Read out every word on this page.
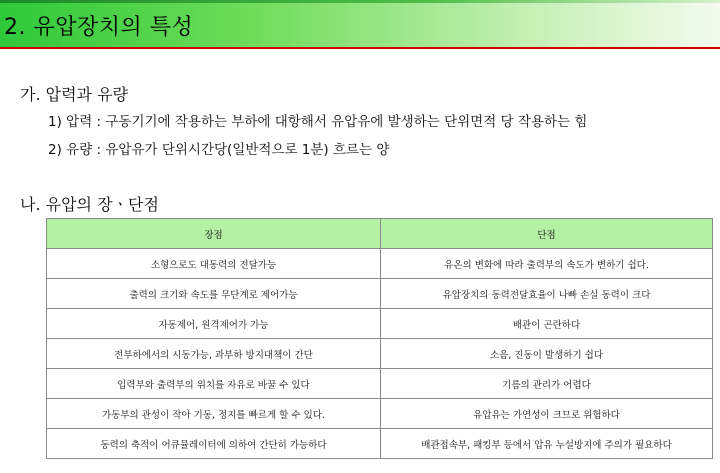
2. 유압장치의 특성
가. 압력과 유량
1) 압력 : 구동기기에 작용하는 부하에 대항해서 유압유에 발생하는 단위면적 당 작용하는 힘
2) 유량 : 유압유가 단위시간당(일반적으로 1분) 흐르는 양
나. 유압의 장ㆍ단점
장점	단점
소형으로도 대동력의 전달가능	유온의 변화에 따라 출력부의 속도가 변하기 쉽다.
출력의 크기와 속도를 무단계로 제어가능	유압장치의 동력전달효율이 나빠 손실 동력이 크다
자동제어, 원격제어가 가능	배관이 곤란하다
전부하에서의 시동가능, 과부하 방지대책이 간단	소음, 진동이 발생하기 쉽다
입력부와 출력부의 위치를 자유로 바꿀 수 있다	기름의 관리가 어렵다
가동부의 관성이 작아 기동, 정지를 빠르게 할 수 있다.	유압유는 가연성이 크므로 위험하다
동력의 축적이 어큐뮬레이터에 의하여 간단히 가능하다	배관접속부, 패킹부 등에서 압유 누설방지에 주의가 필요하다
